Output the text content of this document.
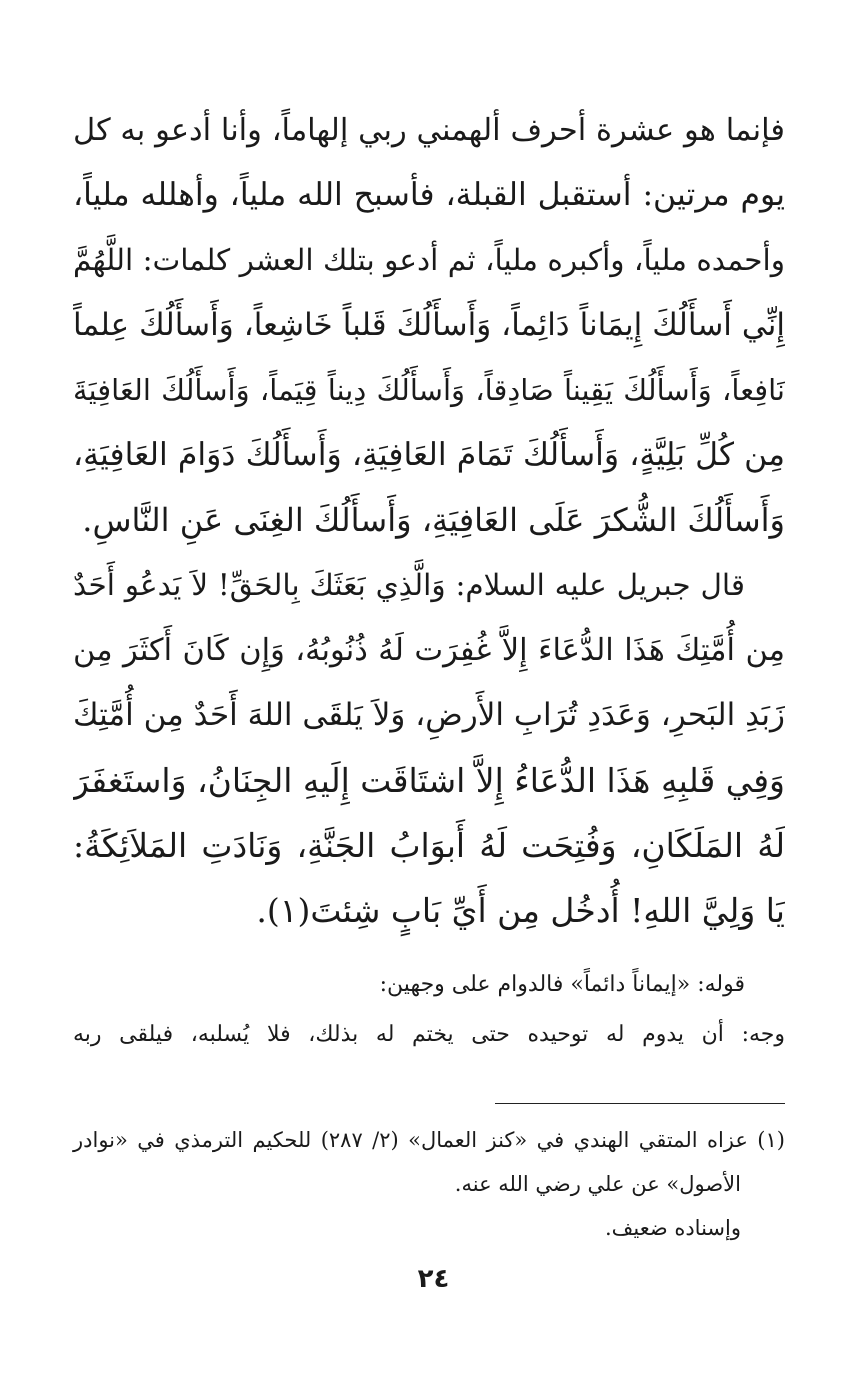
فإنما هو عشرة أحرف ألهمني ربي إلهاماً، وأنا أدعو به كل
يوم مرتين: أستقبل القبلة، فأسبح الله ملياً، وأهلله ملياً،
وأحمده ملياً، وأكبره ملياً، ثم أدعو بتلك العشر كلمات: اللَّهُمَّ
إِنِّي أَسأَلُكَ إِيمَاناً دَائِماً، وَأَسأَلُكَ قَلباً خَاشِعاً، وَأَسأَلُكَ عِلماً
نَافِعاً، وَأَسأَلُكَ يَقِيناً صَادِقاً، وَأَسأَلُكَ دِيناً قِيَماً، وَأَسأَلُكَ العَافِيَةَ
مِن كُلِّ بَلِيَّةٍ، وَأَسأَلُكَ تَمَامَ العَافِيَةِ، وَأَسأَلُكَ دَوَامَ العَافِيَةِ،
وَأَسأَلُكَ الشُّكرَ عَلَى العَافِيَةِ، وَأَسأَلُكَ الغِنَى عَنِ النَّاسِ.
قال جبريل عليه السلام: وَالَّذِي بَعَثَكَ بِالحَقِّ! لاَ يَدعُو أَحَدٌ
مِن أُمَّتِكَ هَذَا الدُّعَاءَ إِلاَّ غُفِرَت لَهُ ذُنُوبُهُ، وَإِن كَانَ أَكثَرَ مِن
زَبَدِ البَحرِ، وَعَدَدِ تُرَابِ الأَرضِ، وَلاَ يَلقَى اللهَ أَحَدٌ مِن أُمَّتِكَ
وَفِي قَلبِهِ هَذَا الدُّعَاءُ إِلاَّ اشتَاقَت إِلَيهِ الجِنَانُ، وَاستَغفَرَ
لَهُ المَلَكَانِ، وَفُتِحَت لَهُ أَبوَابُ الجَنَّةِ، وَنَادَتِ المَلاَئِكَةُ:
يَا وَلِيَّ اللهِ! أُدخُل مِن أَيِّ بَابٍ شِئتَ(١).
قوله: «إيماناً دائماً» فالدوام على وجهين:
وجه: أن يدوم له توحيده حتى يختم له بذلك، فلا يُسلبه، فيلقى ربه
(١) عزاه المتقي الهندي في «كنز العمال» (٢/ ٢٨٧) للحكيم الترمذي في «نوادر
الأصول» عن علي رضي الله عنه.
وإسناده ضعيف.
٢٤
